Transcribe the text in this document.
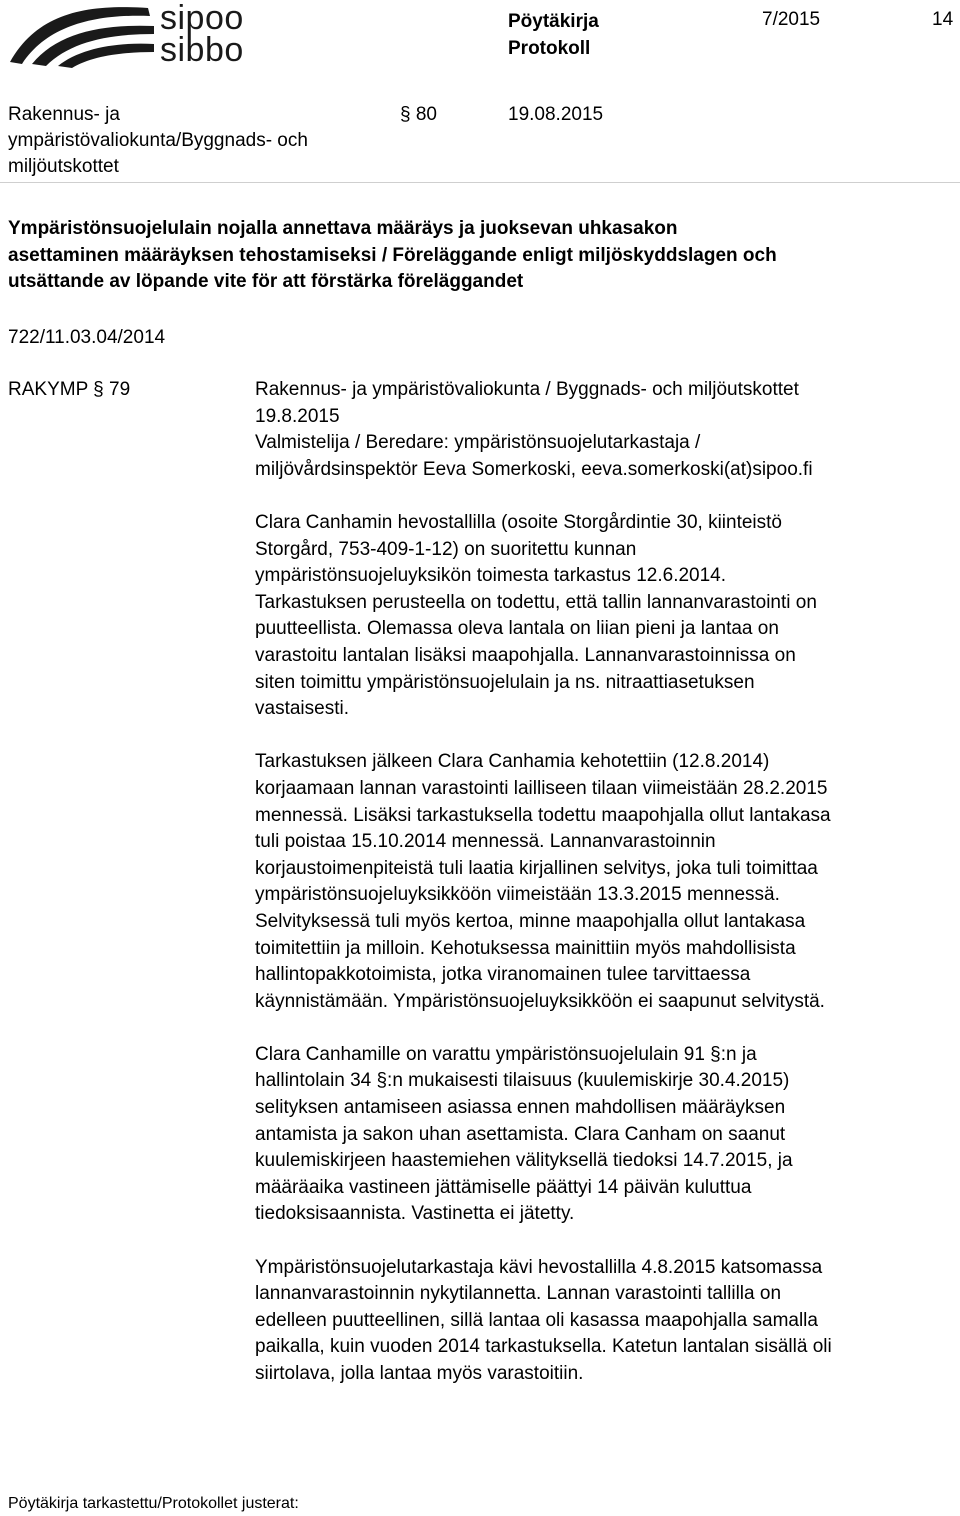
sipoo
sibbo
Pöytäkirja
Protokoll
7/2015	14
Rakennus- ja
ympäristövaliokunta/Byggnads- och
miljöutskottet
§ 80	19.08.2015
Ympäristönsuojelulain nojalla annettava määräys ja juoksevan uhkasakon
asettaminen määräyksen tehostamiseksi / Föreläggande enligt miljöskyddslagen och
utsättande av löpande vite för att förstärka föreläggandet
722/11.03.04/2014
RAKYMP § 79	Rakennus- ja ympäristövaliokunta / Byggnads- och miljöutskottet
19.8.2015
Valmistelija / Beredare: ympäristönsuojelutarkastaja /
miljövårdsinspektör Eeva Somerkoski, eeva.somerkoski(at)sipoo.fi

Clara Canhamin hevostallilla (osoite Storgårdintie 30, kiinteistö
Storgård, 753-409-1-12) on suoritettu kunnan
ympäristönsuojeluyksikön toimesta tarkastus 12.6.2014.
Tarkastuksen perusteella on todettu, että tallin lannanvarastointi on
puutteellista. Olemassa oleva lantala on liian pieni ja lantaa on
varastoitu lantalan lisäksi maapohjalla. Lannanvarastoinnissa on
siten toimittu ympäristönsuojelulain ja ns. nitraattiasetuksen
vastaisesti.

Tarkastuksen jälkeen Clara Canhamia kehotettiin (12.8.2014)
korjaamaan lannan varastointi lailliseen tilaan viimeistään 28.2.2015
mennessä. Lisäksi tarkastuksella todettu maapohjalla ollut lantakasa
tuli poistaa 15.10.2014 mennessä. Lannanvarastoinnin
korjaustoimenpiteistä tuli laatia kirjallinen selvitys, joka tuli toimittaa
ympäristönsuojeluyksikköön viimeistään 13.3.2015 mennessä.
Selvityksessä tuli myös kertoa, minne maapohjalla ollut lantakasa
toimitettiin ja milloin. Kehotuksessa mainittiin myös mahdollisista
hallintopakkotoimista, jotka viranomainen tulee tarvittaessa
käynnistämään. Ympäristönsuojeluyksikköön ei saapunut selvitystä.

Clara Canhamille on varattu ympäristönsuojelulain 91 §:n ja
hallintolain 34 §:n mukaisesti tilaisuus (kuulemiskirje 30.4.2015)
selityksen antamiseen asiassa ennen mahdollisen määräyksen
antamista ja sakon uhan asettamista. Clara Canham on saanut
kuulemiskirjeen haastemiehen välityksellä tiedoksi 14.7.2015, ja
määräaika vastineen jättämiselle päättyi 14 päivän kuluttua
tiedoksisaannista. Vastinetta ei jätetty.

Ympäristönsuojelutarkastaja kävi hevostallilla 4.8.2015 katsomassa
lannanvarastoinnin nykytilannetta. Lannan varastointi tallilla on
edelleen puutteellinen, sillä lantaa oli kasassa maapohjalla samalla
paikalla, kuin vuoden 2014 tarkastuksella. Katetun lantalan sisällä oli
siirtolava, jolla lantaa myös varastoitiin.

Pöytäkirja tarkastettu/Protokollet justerat:
